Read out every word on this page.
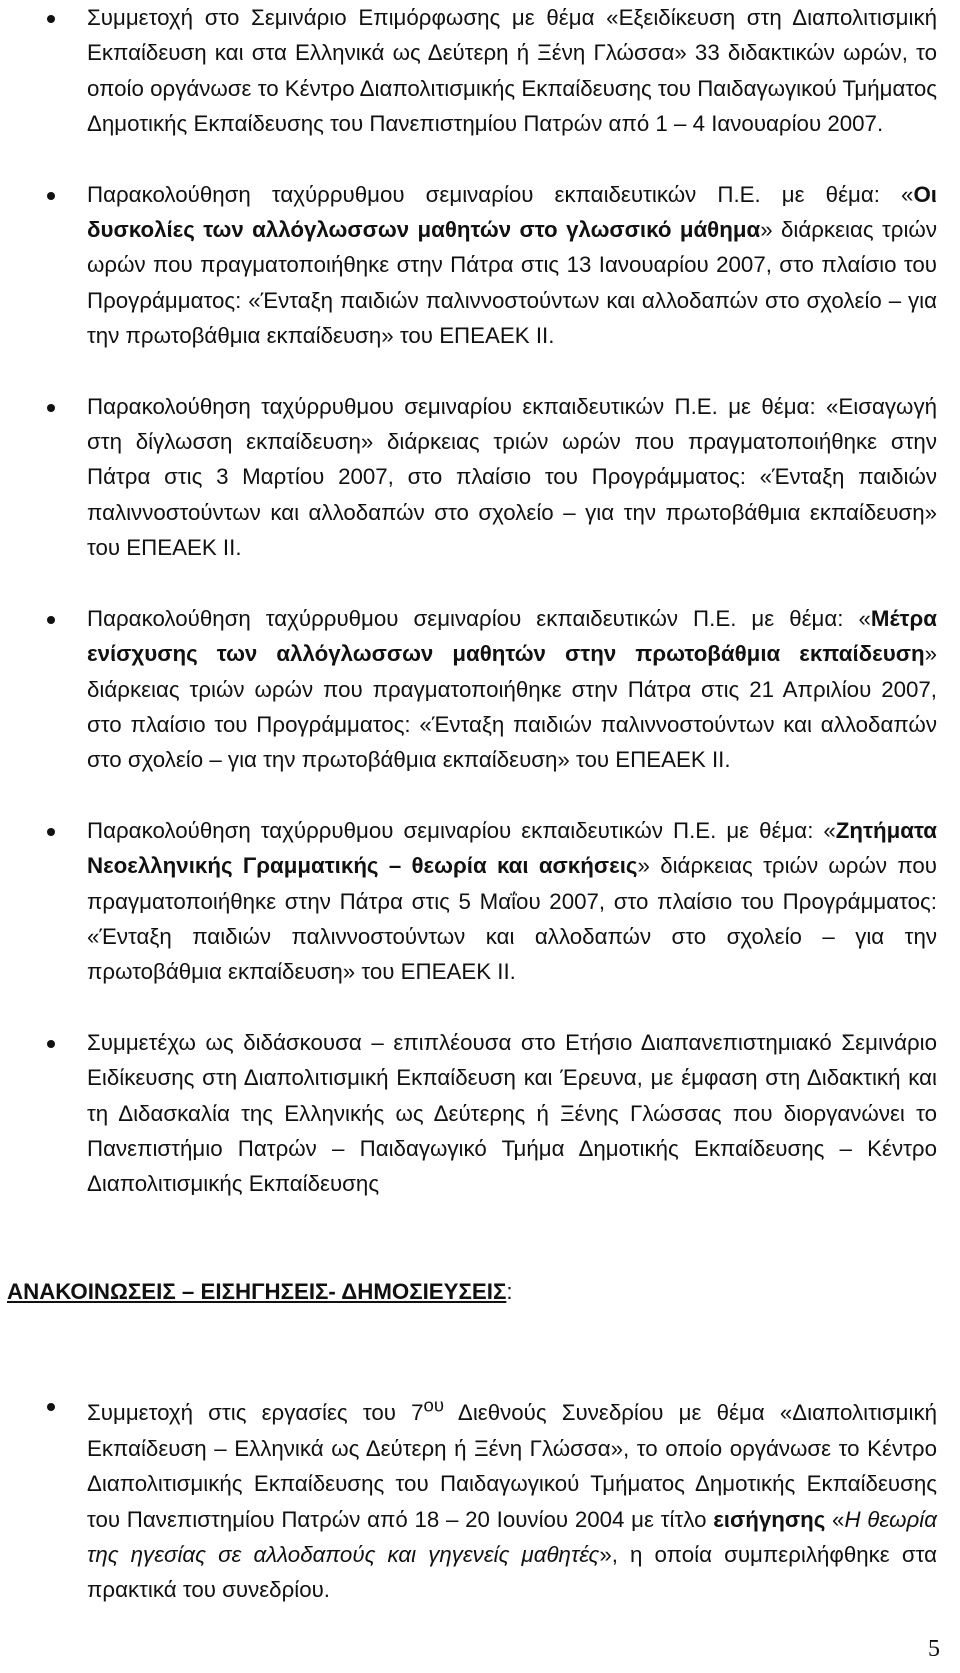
Συμμετοχή στο Σεμινάριο Επιμόρφωσης με θέμα «Εξειδίκευση στη Διαπολιτισμική Εκπαίδευση και στα Ελληνικά ως Δεύτερη ή Ξένη Γλώσσα» 33 διδακτικών ωρών, το οποίο οργάνωσε το Κέντρο Διαπολιτισμικής Εκπαίδευσης του Παιδαγωγικού Τμήματος Δημοτικής Εκπαίδευσης του Πανεπιστημίου Πατρών από 1 – 4 Ιανουαρίου 2007.
Παρακολούθηση ταχύρρυθμου σεμιναρίου εκπαιδευτικών Π.Ε. με θέμα: «Οι δυσκολίες των αλλόγλωσσων μαθητών στο γλωσσικό μάθημα» διάρκειας τριών ωρών που πραγματοποιήθηκε στην Πάτρα στις 13 Ιανουαρίου 2007, στο πλαίσιο του Προγράμματος: «Ένταξη παιδιών παλιννοστούντων και αλλοδαπών στο σχολείο – για την πρωτοβάθμια εκπαίδευση» του ΕΠΕΑΕΚ ΙΙ.
Παρακολούθηση ταχύρρυθμου σεμιναρίου εκπαιδευτικών Π.Ε. με θέμα: «Εισαγωγή στη δίγλωσση εκπαίδευση» διάρκειας τριών ωρών που πραγματοποιήθηκε στην Πάτρα στις 3 Μαρτίου 2007, στο πλαίσιο του Προγράμματος: «Ένταξη παιδιών παλιννοστούντων και αλλοδαπών στο σχολείο – για την πρωτοβάθμια εκπαίδευση» του ΕΠΕΑΕΚ ΙΙ.
Παρακολούθηση ταχύρρυθμου σεμιναρίου εκπαιδευτικών Π.Ε. με θέμα: «Μέτρα ενίσχυσης των αλλόγλωσσων μαθητών στην πρωτοβάθμια εκπαίδευση» διάρκειας τριών ωρών που πραγματοποιήθηκε στην Πάτρα στις 21 Απριλίου 2007, στο πλαίσιο του Προγράμματος: «Ένταξη παιδιών παλιννοστούντων και αλλοδαπών στο σχολείο – για την πρωτοβάθμια εκπαίδευση» του ΕΠΕΑΕΚ ΙΙ.
Παρακολούθηση ταχύρρυθμου σεμιναρίου εκπαιδευτικών Π.Ε. με θέμα: «Ζητήματα Νεοελληνικής Γραμματικής – θεωρία και ασκήσεις» διάρκειας τριών ωρών που πραγματοποιήθηκε στην Πάτρα στις 5 Μαΐου 2007, στο πλαίσιο του Προγράμματος: «Ένταξη παιδιών παλιννοστούντων και αλλοδαπών στο σχολείο – για την πρωτοβάθμια εκπαίδευση» του ΕΠΕΑΕΚ ΙΙ.
Συμμετέχω ως διδάσκουσα – επιπλέουσα στο Ετήσιο Διαπανεπιστημιακό Σεμινάριο Ειδίκευσης στη Διαπολιτισμική Εκπαίδευση και Έρευνα, με έμφαση στη Διδακτική και τη Διδασκαλία της Ελληνικής ως Δεύτερης ή Ξένης Γλώσσας που διοργανώνει το Πανεπιστήμιο Πατρών – Παιδαγωγικό Τμήμα Δημοτικής Εκπαίδευσης – Κέντρο Διαπολιτισμικής Εκπαίδευσης
ΑΝΑΚΟΙΝΩΣΕΙΣ – ΕΙΣΗΓΗΣΕΙΣ- ΔΗΜΟΣΙΕΥΣΕΙΣ:
Συμμετοχή στις εργασίες του $7^{o\upsilon}$ Διεθνούς Συνεδρίου με θέμα «Διαπολιτισμική Εκπαίδευση – Ελληνικά ως Δεύτερη ή Ξένη Γλώσσα», το οποίο οργάνωσε το Κέντρο Διαπολιτισμικής Εκπαίδευσης του Παιδαγωγικού Τμήματος Δημοτικής Εκπαίδευσης του Πανεπιστημίου Πατρών από 18 – 20 Ιουνίου 2004 με τίτλο εισήγησης «Η θεωρία της ηγεσίας σε αλλοδαπούς και γηγενείς μαθητές», η οποία συμπεριλήφθηκε στα πρακτικά του συνεδρίου.
5
